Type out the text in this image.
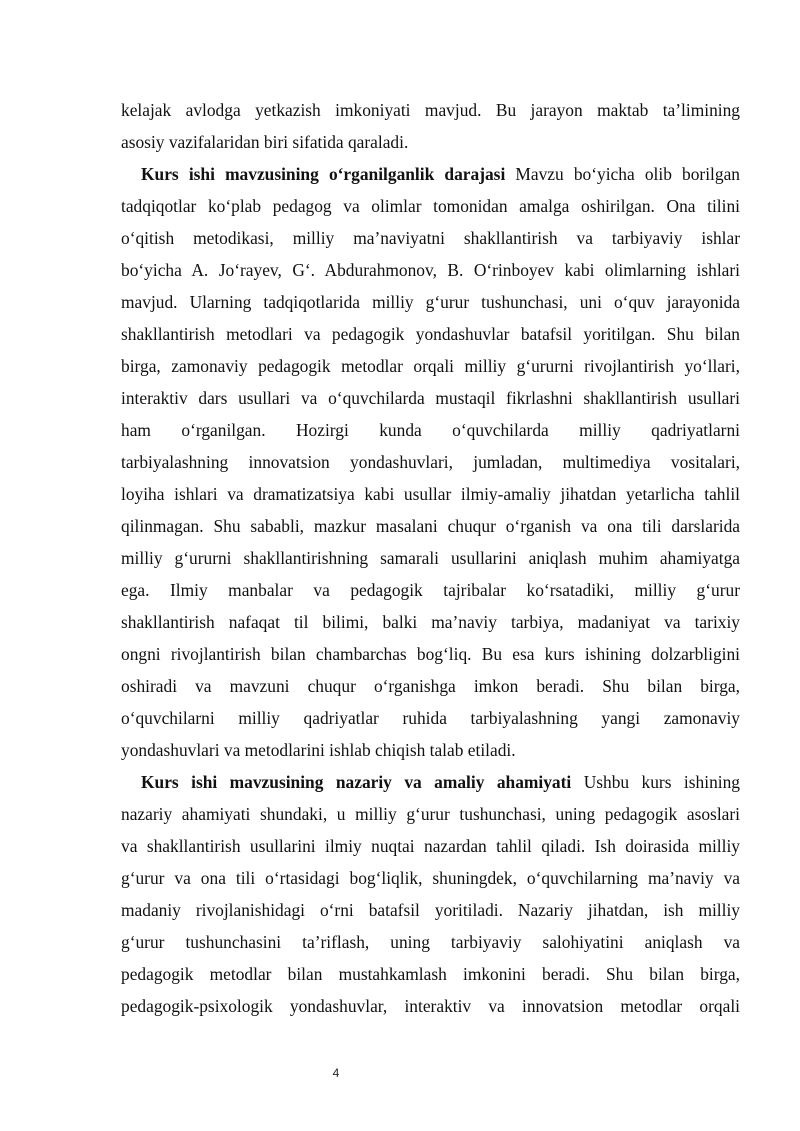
kelajak avlodga yetkazish imkoniyati mavjud. Bu jarayon maktab ta’limining
asosiy vazifalaridan biri sifatida qaraladi.
Kurs ishi mavzusining o‘rganilganlik darajasi Mavzu bo‘yicha olib borilgan
tadqiqotlar ko‘plab pedagog va olimlar tomonidan amalga oshirilgan. Ona tilini
o‘qitish metodikasi, milliy ma’naviyatni shakllantirish va tarbiyaviy ishlar
bo‘yicha A. Jo‘rayev, G‘. Abdurahmonov, B. O‘rinboyev kabi olimlarning ishlari
mavjud. Ularning tadqiqotlarida milliy g‘urur tushunchasi, uni o‘quv jarayonida
shakllantirish metodlari va pedagogik yondashuvlar batafsil yoritilgan. Shu bilan
birga, zamonaviy pedagogik metodlar orqali milliy g‘ururni rivojlantirish yo‘llari,
interaktiv dars usullari va o‘quvchilarda mustaqil fikrlashni shakllantirish usullari
ham o‘rganilgan. Hozirgi kunda o‘quvchilarda milliy qadriyatlarni
tarbiyalashning innovatsion yondashuvlari, jumladan, multimediya vositalari,
loyiha ishlari va dramatizatsiya kabi usullar ilmiy-amaliy jihatdan yetarlicha tahlil
qilinmagan. Shu sababli, mazkur masalani chuqur o‘rganish va ona tili darslarida
milliy g‘ururni shakllantirishning samarali usullarini aniqlash muhim ahamiyatga
ega. Ilmiy manbalar va pedagogik tajribalar ko‘rsatadiki, milliy g‘urur
shakllantirish nafaqat til bilimi, balki ma’naviy tarbiya, madaniyat va tarixiy
ongni rivojlantirish bilan chambarchas bog‘liq. Bu esa kurs ishining dolzarbligini
oshiradi va mavzuni chuqur o‘rganishga imkon beradi. Shu bilan birga,
o‘quvchilarni milliy qadriyatlar ruhida tarbiyalashning yangi zamonaviy
yondashuvlari va metodlarini ishlab chiqish talab etiladi.
Kurs ishi mavzusining nazariy va amaliy ahamiyati Ushbu kurs ishining
nazariy ahamiyati shundaki, u milliy g‘urur tushunchasi, uning pedagogik asoslari
va shakllantirish usullarini ilmiy nuqtai nazardan tahlil qiladi. Ish doirasida milliy
g‘urur va ona tili o‘rtasidagi bog‘liqlik, shuningdek, o‘quvchilarning ma’naviy va
madaniy rivojlanishidagi o‘rni batafsil yoritiladi. Nazariy jihatdan, ish milliy
g‘urur tushunchasini ta’riflash, uning tarbiyaviy salohiyatini aniqlash va
pedagogik metodlar bilan mustahkamlash imkonini beradi. Shu bilan birga,
pedagogik-psixologik yondashuvlar, interaktiv va innovatsion metodlar orqali
4
